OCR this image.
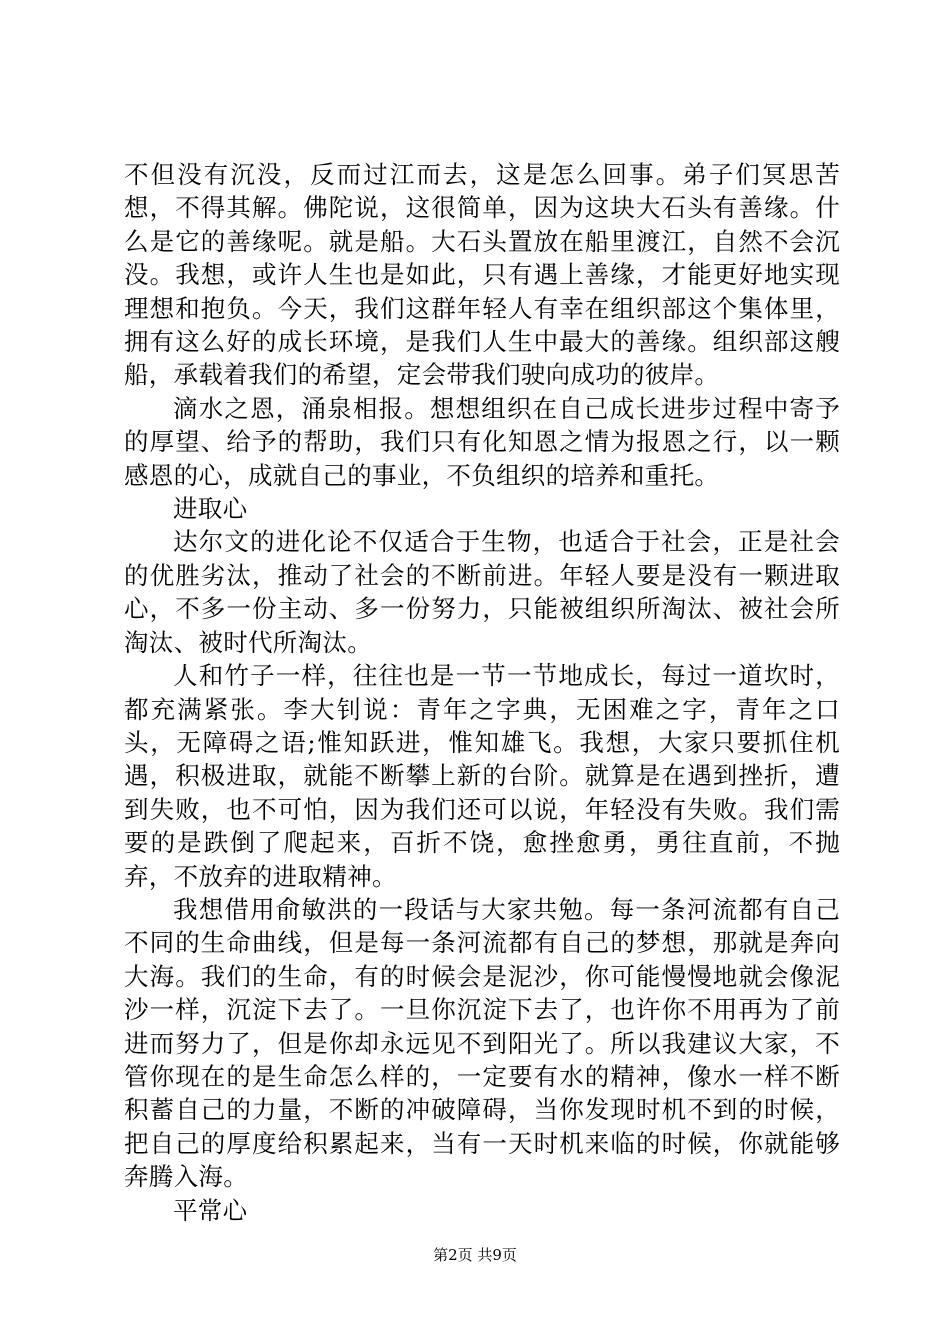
不但没有沉没，反而过江而去，这是怎么回事。弟子们冥思苦想，不得其解。佛陀说，这很简单，因为这块大石头有善缘。什么是它的善缘呢。就是船。大石头置放在船里渡江，自然不会沉没。我想，或许人生也是如此，只有遇上善缘，才能更好地实现理想和抱负。今天，我们这群年轻人有幸在组织部这个集体里，拥有这么好的成长环境，是我们人生中最大的善缘。组织部这艘船，承载着我们的希望，定会带我们驶向成功的彼岸。

滴水之恩，涌泉相报。想想组织在自己成长进步过程中寄予的厚望、给予的帮助，我们只有化知恩之情为报恩之行，以一颗感恩的心，成就自己的事业，不负组织的培养和重托。

进取心

达尔文的进化论不仅适合于生物，也适合于社会，正是社会的优胜劣汰，推动了社会的不断前进。年轻人要是没有一颗进取心，不多一份主动、多一份努力，只能被组织所淘汰、被社会所淘汰、被时代所淘汰。

人和竹子一样，往往也是一节一节地成长，每过一道坎时，都充满紧张。李大钊说：青年之字典，无困难之字，青年之口头，无障碍之语;惟知跃进，惟知雄飞。我想，大家只要抓住机遇，积极进取，就能不断攀上新的台阶。就算是在遇到挫折，遭到失败，也不可怕，因为我们还可以说，年轻没有失败。我们需要的是跌倒了爬起来，百折不饶，愈挫愈勇，勇往直前，不抛弃，不放弃的进取精神。

我想借用俞敏洪的一段话与大家共勉。每一条河流都有自己不同的生命曲线，但是每一条河流都有自己的梦想，那就是奔向大海。我们的生命，有的时候会是泥沙，你可能慢慢地就会像泥沙一样，沉淀下去了。一旦你沉淀下去了，也许你不用再为了前进而努力了，但是你却永远见不到阳光了。所以我建议大家，不管你现在的是生命怎么样的，一定要有水的精神，像水一样不断积蓄自己的力量，不断的冲破障碍，当你发现时机不到的时候，把自己的厚度给积累起来，当有一天时机来临的时候，你就能够奔腾入海。

平常心

第2页 共9页
